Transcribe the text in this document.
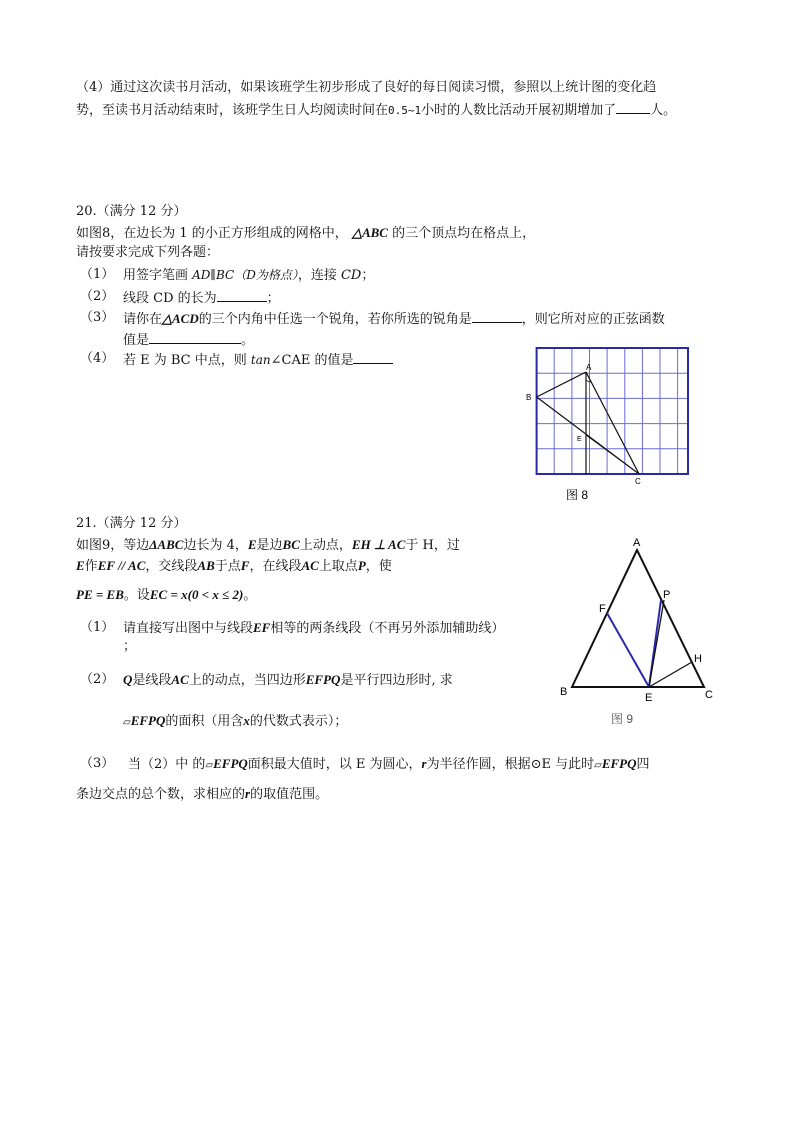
（4）通过这次读书月活动，如果该班学生初步形成了良好的每日阅读习惯，参照以上统计图的变化趋
势，至读书月活动结束时，该班学生日人均阅读时间在0.5~1小时的人数比活动开展初期增加了	人。
20.（满分 12 分）
如图8，在边长为 1 的小正方形组成的网格中， △ABC 的三个顶点均在格点上，
请按要求完成下列各题：
（1） 用签字笔画 AD∥BC（D为格点），连接 CD；
（2） 线段 CD 的长为	；
（3） 请你在△ACD的三个内角中任选一个锐角，若你所选的锐角是	，则它所对应的正弦函数
值是	。
（4） 若 E 为 BC 中点，则 tan∠CAE 的值是	A
B
C
E
图 8
21.（满分 12 分）
如图9，等边ΔABC边长为 4，E是边BC上动点，EH ⊥ AC于 H，过
E作EF // AC，交线段AB于点F，在线段AC上取点P，使
PE = EB。设EC = x(0 < x ≤ 2)。
（1） 请直接写出图中与线段EF相等的两条线段（不再另外添加辅助线）
；
（2） Q是线段AC上的动点，当四边形EFPQ是平行四边形时, 求
▱EFPQ的面积（用含x的代数式表示）；
（3） 当（2）中 的▱EFPQ面积最大值时，以 E 为圆心，r为半径作圆，根据⊙E 与此时▱EFPQ四
条边交点的总个数，求相应的r的取值范围。
A
B	C
E
F
P
H
图 9
